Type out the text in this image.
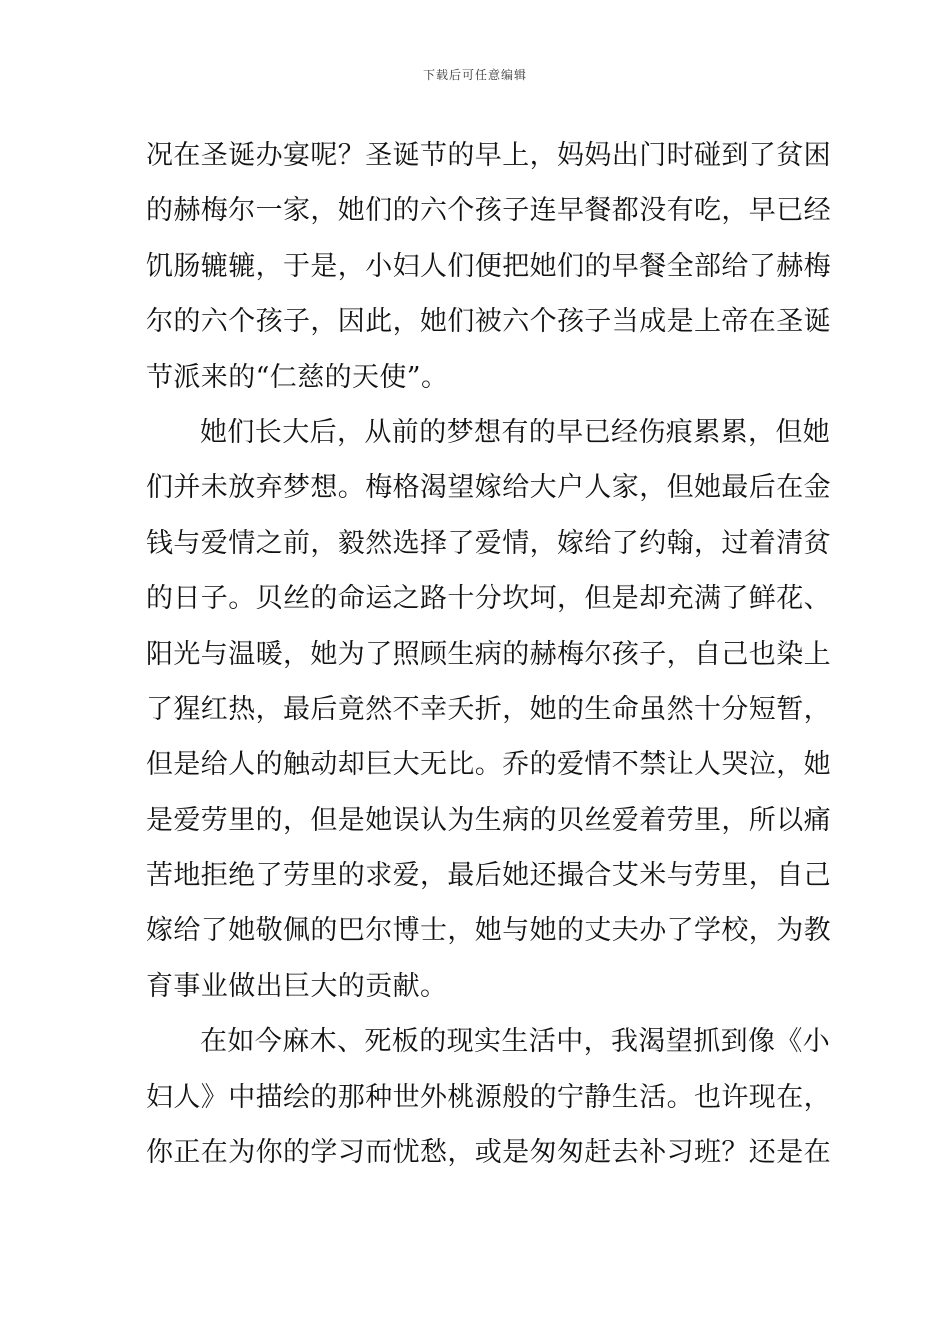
下载后可任意编辑
况在圣诞办宴呢？圣诞节的早上，妈妈出门时碰到了贫困
的赫梅尔一家，她们的六个孩子连早餐都没有吃，早已经
饥肠辘辘，于是，小妇人们便把她们的早餐全部给了赫梅
尔的六个孩子，因此，她们被六个孩子当成是上帝在圣诞
节派来的“仁慈的天使”。
她们长大后，从前的梦想有的早已经伤痕累累，但她
们并未放弃梦想。梅格渴望嫁给大户人家，但她最后在金
钱与爱情之前，毅然选择了爱情，嫁给了约翰，过着清贫
的日子。贝丝的命运之路十分坎坷，但是却充满了鲜花、
阳光与温暖，她为了照顾生病的赫梅尔孩子，自己也染上
了猩红热，最后竟然不幸夭折，她的生命虽然十分短暂，
但是给人的触动却巨大无比。乔的爱情不禁让人哭泣，她
是爱劳里的，但是她误认为生病的贝丝爱着劳里，所以痛
苦地拒绝了劳里的求爱，最后她还撮合艾米与劳里，自己
嫁给了她敬佩的巴尔博士，她与她的丈夫办了学校，为教
育事业做出巨大的贡献。
在如今麻木、死板的现实生活中，我渴望抓到像《小
妇人》中描绘的那种世外桃源般的宁静生活。也许现在，
你正在为你的学习而忧愁，或是匆匆赶去补习班？还是在
